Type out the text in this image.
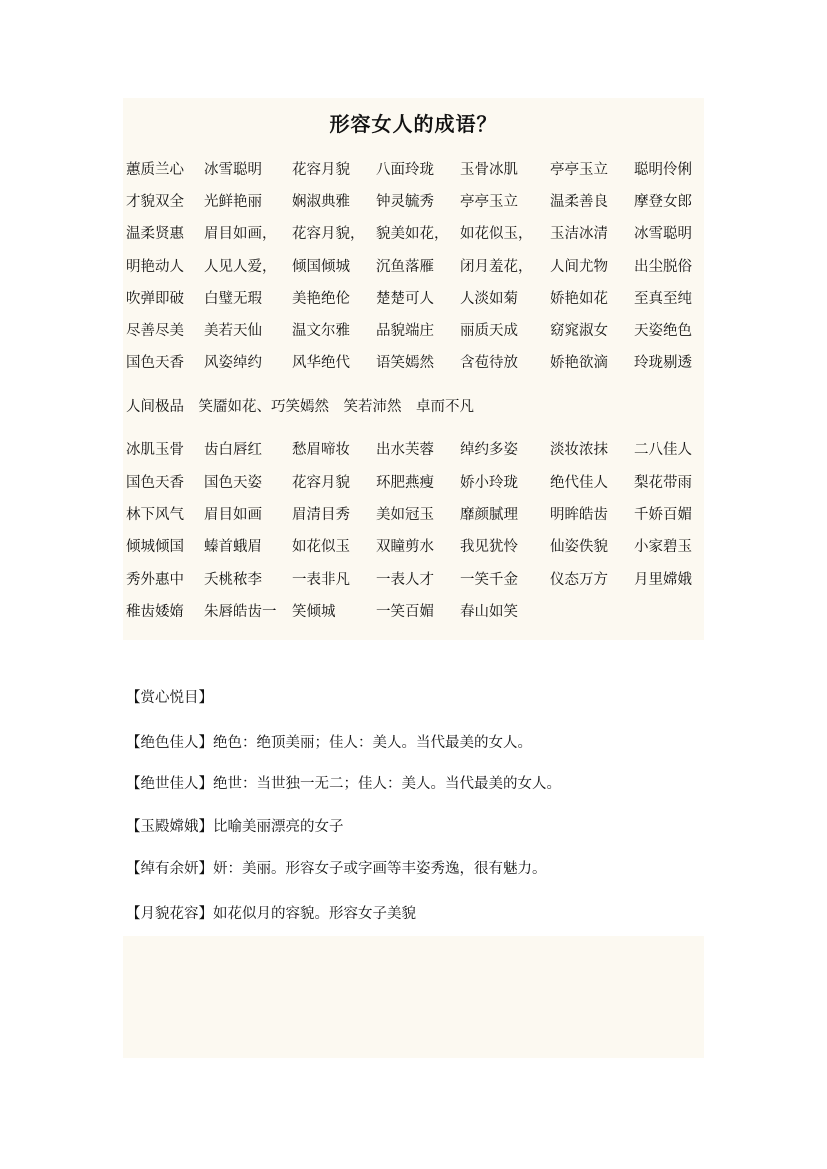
形容女人的成语？
蕙质兰心 冰雪聪明 花容月貌 八面玲珑 玉骨冰肌 亭亭玉立 聪明伶俐
才貌双全 光鲜艳丽 娴淑典雅 钟灵毓秀 亭亭玉立 温柔善良 摩登女郎
温柔贤惠 眉目如画， 花容月貌， 貌美如花， 如花似玉， 玉洁冰清 冰雪聪明
明艳动人 人见人爱， 倾国倾城 沉鱼落雁 闭月羞花， 人间尤物 出尘脱俗
吹弹即破 白璧无瑕 美艳绝伦 楚楚可人 人淡如菊 娇艳如花 至真至纯
尽善尽美 美若天仙 温文尔雅 品貌端庄 丽质天成 窈窕淑女 天姿绝色
国色天香 风姿绰约 风华绝代 语笑嫣然 含苞待放 娇艳欲滴 玲珑剔透
人间极品　笑靥如花、巧笑嫣然　笑若沛然　卓而不凡
冰肌玉骨 齿白唇红 愁眉啼妆 出水芙蓉 绰约多姿 淡妆浓抹 二八佳人
国色天香 国色天姿 花容月貌 环肥燕瘦 娇小玲珑 绝代佳人 梨花带雨
林下风气 眉目如画 眉清目秀 美如冠玉 靡颜腻理 明眸皓齿 千娇百媚
倾城倾国 螓首蛾眉 如花似玉 双瞳剪水 我见犹怜 仙姿佚貌 小家碧玉
秀外惠中 夭桃秾李 一表非凡 一表人才 一笑千金 仪态万方 月里嫦娥
稚齿婑媠 朱唇皓齿一 笑倾城	一笑百媚 春山如笑
【赏心悦目】
【绝色佳人】绝色：绝顶美丽；佳人：美人。当代最美的女人。
【绝世佳人】绝世：当世独一无二；佳人：美人。当代最美的女人。
【玉殿嫦娥】比喻美丽漂亮的女子
【绰有余妍】妍：美丽。形容女子或字画等丰姿秀逸，很有魅力。
【月貌花容】如花似月的容貌。形容女子美貌
